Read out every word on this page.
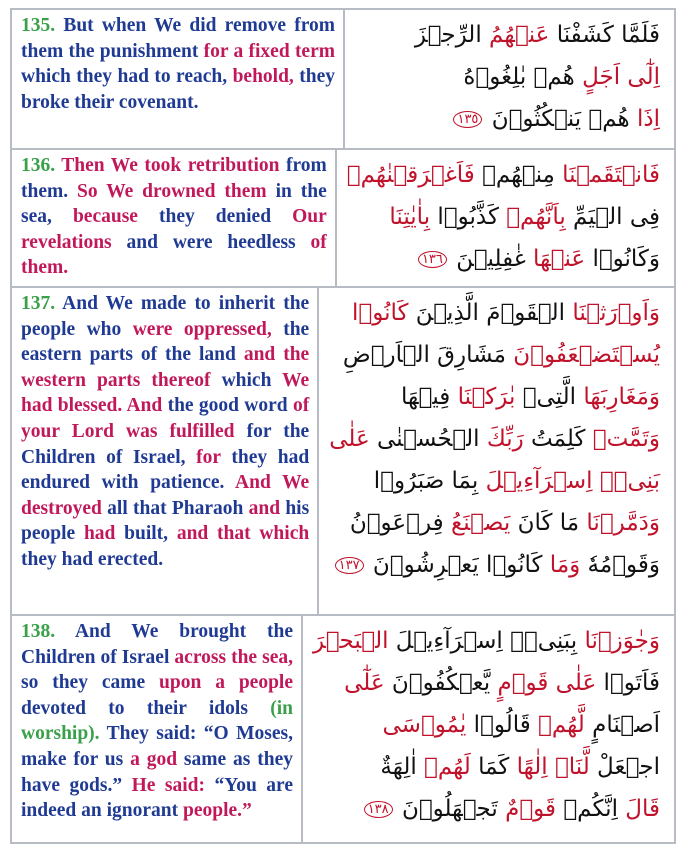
135. But when We did remove from them the punishment for a fixed term which they had to reach, behold, they broke their covenant.
فَلَمَّا كَشَفْنَا عَنۡهُمُ الرِّجۡزَ
اِلٰٓى اَجَلٍ هُمۡ بٰلِغُوۡهُ
اِذَا هُمۡ يَنۡكُثُوۡنَ ١٣٥
136. Then We took retribution from them. So We drowned them in the sea, because they denied Our revelations and were heedless of them.
فَانۡتَقَمۡنَا مِنۡهُمۡ فَاَغۡرَقۡنٰهُمۡ
فِى الۡيَمِّ بِاَنَّهُمۡ كَذَّبُوۡا بِاٰيٰتِنَا
وَكَانُوۡا عَنۡهَا غٰفِلِيۡنَ ١٣٦
137. And We made to inherit the people who were oppressed, the eastern parts of the land and the western parts thereof which We had blessed. And the good word of your Lord was fulfilled for the Children of Israel, for they had endured with patience. And We destroyed all that Pharaoh and his people had built, and that which they had erected.
وَاَوۡرَثۡنَا الۡقَوۡمَ الَّذِيۡنَ كَانُوۡا
يُسۡتَضۡعَفُوۡنَ مَشَارِقَ الۡاَرۡضِ
وَمَغَارِبَهَا الَّتِىۡ بٰرَكۡنَا فِيۡهَا
وَتَمَّتۡ كَلِمَتُ رَبِّكَ الۡحُسۡنٰى عَلٰى
بَنِىۡۤ اِسۡرَآءِيۡلَ بِمَا صَبَرُوۡا
وَدَمَّرۡنَا مَا كَانَ يَصۡنَعُ فِرۡعَوۡنُ
وَقَوۡمُهٗ وَمَا كَانُوۡا يَعۡرِشُوۡنَ ١٣٧
138. And We brought the Children of Israel across the sea, so they came upon a people devoted to their idols (in worship). They said: “O Moses, make for us a god same as they have gods.” He said: “You are indeed an ignorant people.”
وَجٰوَزۡنَا بِبَنِىۡۤ اِسۡرَآءِيۡلَ الۡبَحۡرَ
فَاَتَوۡا عَلٰى قَوۡمٍ يَّعۡكُفُوۡنَ عَلٰٓى
اَصۡنَامٍ لَّهُمۡ قَالُوۡا يٰمُوۡسَى
اجۡعَلْ لَّنَاۤ اِلٰهًا كَمَا لَهُمۡ اٰلِهَةٌ
قَالَ اِنَّكُمۡ قَوۡمٌ تَجۡهَلُوۡنَ ١٣٨
